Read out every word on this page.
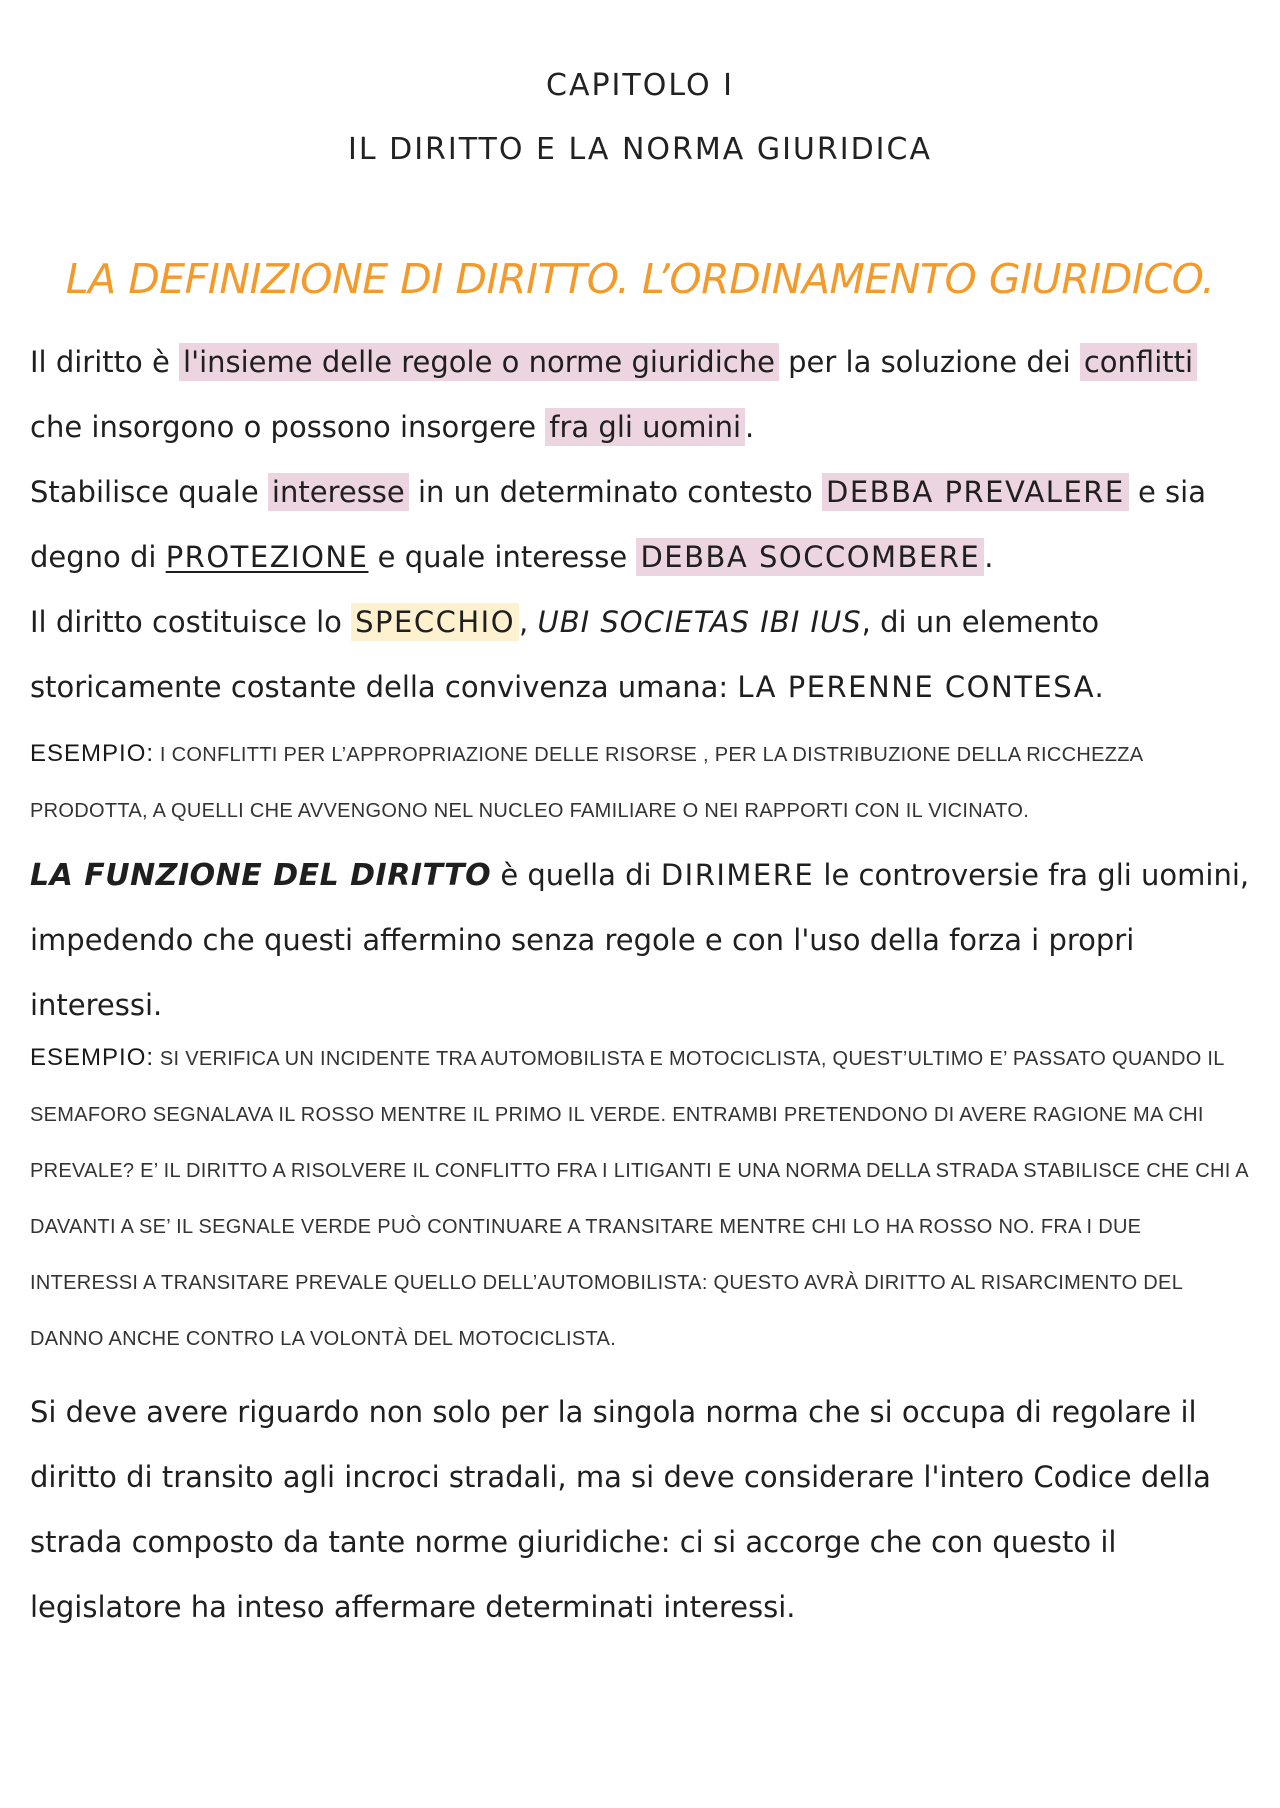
CAPITOLO I
IL DIRITTO E LA NORMA GIURIDICA
LA DEFINIZIONE DI DIRITTO. L’ORDINAMENTO GIURIDICO.
Il diritto è l'insieme delle regole o norme giuridiche per la soluzione dei conflitti che insorgono o possono insorgere fra gli uomini .
Stabilisce quale interesse in un determinato contesto DEBBA PREVALERE e sia degno di PROTEZIONE e quale interesse DEBBA SOCCOMBERE .
Il diritto costituisce lo SPECCHIO , UBI SOCIETAS IBI IUS, di un elemento storicamente costante della convivenza umana: LA PERENNE CONTESA.
ESEMPIO: I CONFLITTI PER L’APPROPRIAZIONE DELLE RISORSE , PER LA DISTRIBUZIONE DELLA RICCHEZZA PRODOTTA, A QUELLI CHE AVVENGONO NEL NUCLEO FAMILIARE O NEI RAPPORTI CON IL VICINATO.
LA FUNZIONE DEL DIRITTO è quella di DIRIMERE le controversie fra gli uomini, impedendo che questi affermino senza regole e con l'uso della forza i propri interessi.
ESEMPIO: SI VERIFICA UN INCIDENTE TRA AUTOMOBILISTA E MOTOCICLISTA, QUEST’ULTIMO E’ PASSATO QUANDO IL SEMAFORO SEGNALAVA IL ROSSO MENTRE IL PRIMO IL VERDE. ENTRAMBI PRETENDONO DI AVERE RAGIONE MA CHI PREVALE? E’ IL DIRITTO A RISOLVERE IL CONFLITTO FRA I LITIGANTI E UNA NORMA DELLA STRADA STABILISCE CHE CHI A DAVANTI A SE’ IL SEGNALE VERDE PUÒ CONTINUARE A TRANSITARE MENTRE CHI LO HA ROSSO NO. FRA I DUE INTERESSI A TRANSITARE PREVALE QUELLO DELL’AUTOMOBILISTA: QUESTO AVRÀ DIRITTO AL RISARCIMENTO DEL DANNO ANCHE CONTRO LA VOLONTÀ DEL MOTOCICLISTA.
Si deve avere riguardo non solo per la singola norma che si occupa di regolare il diritto di transito agli incroci stradali, ma si deve considerare l'intero Codice della strada composto da tante norme giuridiche: ci si accorge che con questo il legislatore ha inteso affermare determinati interessi.
